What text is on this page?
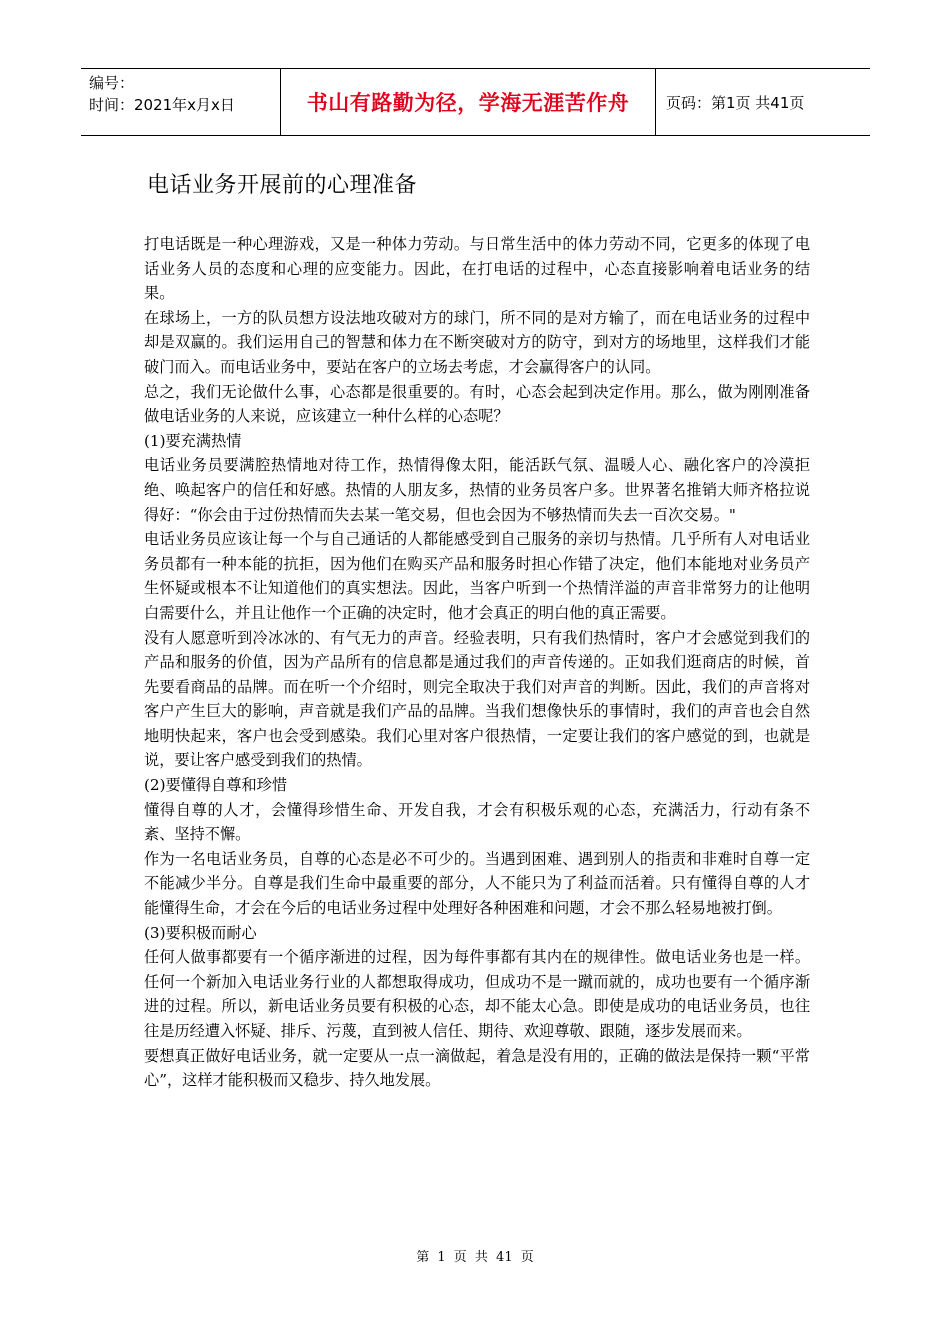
编号：
时间：2021年x月x日	书山有路勤为径，学海无涯苦作舟	页码：第1页 共41页
电话业务开展前的心理准备

打电话既是一种心理游戏，又是一种体力劳动。与日常生活中的体力劳动不同，它更多的体现了电话业务人员的态度和心理的应变能力。因此，在打电话的过程中，心态直接影响着电话业务的结果。

在球场上，一方的队员想方设法地攻破对方的球门，所不同的是对方输了，而在电话业务的过程中却是双赢的。我们运用自己的智慧和体力在不断突破对方的防守，到对方的场地里，这样我们才能破门而入。而电话业务中，要站在客户的立场去考虑，才会赢得客户的认同。

总之，我们无论做什么事，心态都是很重要的。有时，心态会起到决定作用。那么，做为刚刚准备做电话业务的人来说，应该建立一种什么样的心态呢？

(1)要充满热情

电话业务员要满腔热情地对待工作，热情得像太阳，能活跃气氛、温暖人心、融化客户的冷漠拒绝、唤起客户的信任和好感。热情的人朋友多，热情的业务员客户多。世界著名推销大师齐格拉说得好：“你会由于过份热情而失去某一笔交易，但也会因为不够热情而失去一百次交易。"

电话业务员应该让每一个与自己通话的人都能感受到自己服务的亲切与热情。几乎所有人对电话业务员都有一种本能的抗拒，因为他们在购买产品和服务时担心作错了决定，他们本能地对业务员产生怀疑或根本不让知道他们的真实想法。因此，当客户听到一个热情洋溢的声音非常努力的让他明白需要什么，并且让他作一个正确的决定时，他才会真正的明白他的真正需要。

没有人愿意听到冷冰冰的、有气无力的声音。经验表明，只有我们热情时，客户才会感觉到我们的产品和服务的价值，因为产品所有的信息都是通过我们的声音传递的。正如我们逛商店的时候，首先要看商品的品牌。而在听一个介绍时，则完全取决于我们对声音的判断。因此，我们的声音将对客户产生巨大的影响，声音就是我们产品的品牌。当我们想像快乐的事情时，我们的声音也会自然地明快起来，客户也会受到感染。我们心里对客户很热情，一定要让我们的客户感觉的到，也就是说，要让客户感受到我们的热情。

(2)要懂得自尊和珍惜

懂得自尊的人才，会懂得珍惜生命、开发自我，才会有积极乐观的心态，充满活力，行动有条不紊、坚持不懈。

作为一名电话业务员，自尊的心态是必不可少的。当遇到困难、遇到别人的指责和非难时自尊一定不能减少半分。自尊是我们生命中最重要的部分，人不能只为了利益而活着。只有懂得自尊的人才能懂得生命，才会在今后的电话业务过程中处理好各种困难和问题，才会不那么轻易地被打倒。

(3)要积极而耐心

任何人做事都要有一个循序渐进的过程，因为每件事都有其内在的规律性。做电话业务也是一样。任何一个新加入电话业务行业的人都想取得成功，但成功不是一蹴而就的，成功也要有一个循序渐进的过程。所以，新电话业务员要有积极的心态，却不能太心急。即使是成功的电话业务员，也往往是历经遭入怀疑、排斥、污蔑，直到被人信任、期待、欢迎尊敬、跟随，逐步发展而来。

要想真正做好电话业务，就一定要从一点一滴做起，着急是没有用的，正确的做法是保持一颗“平常心”，这样才能积极而又稳步、持久地发展。

第 1 页 共 41 页
